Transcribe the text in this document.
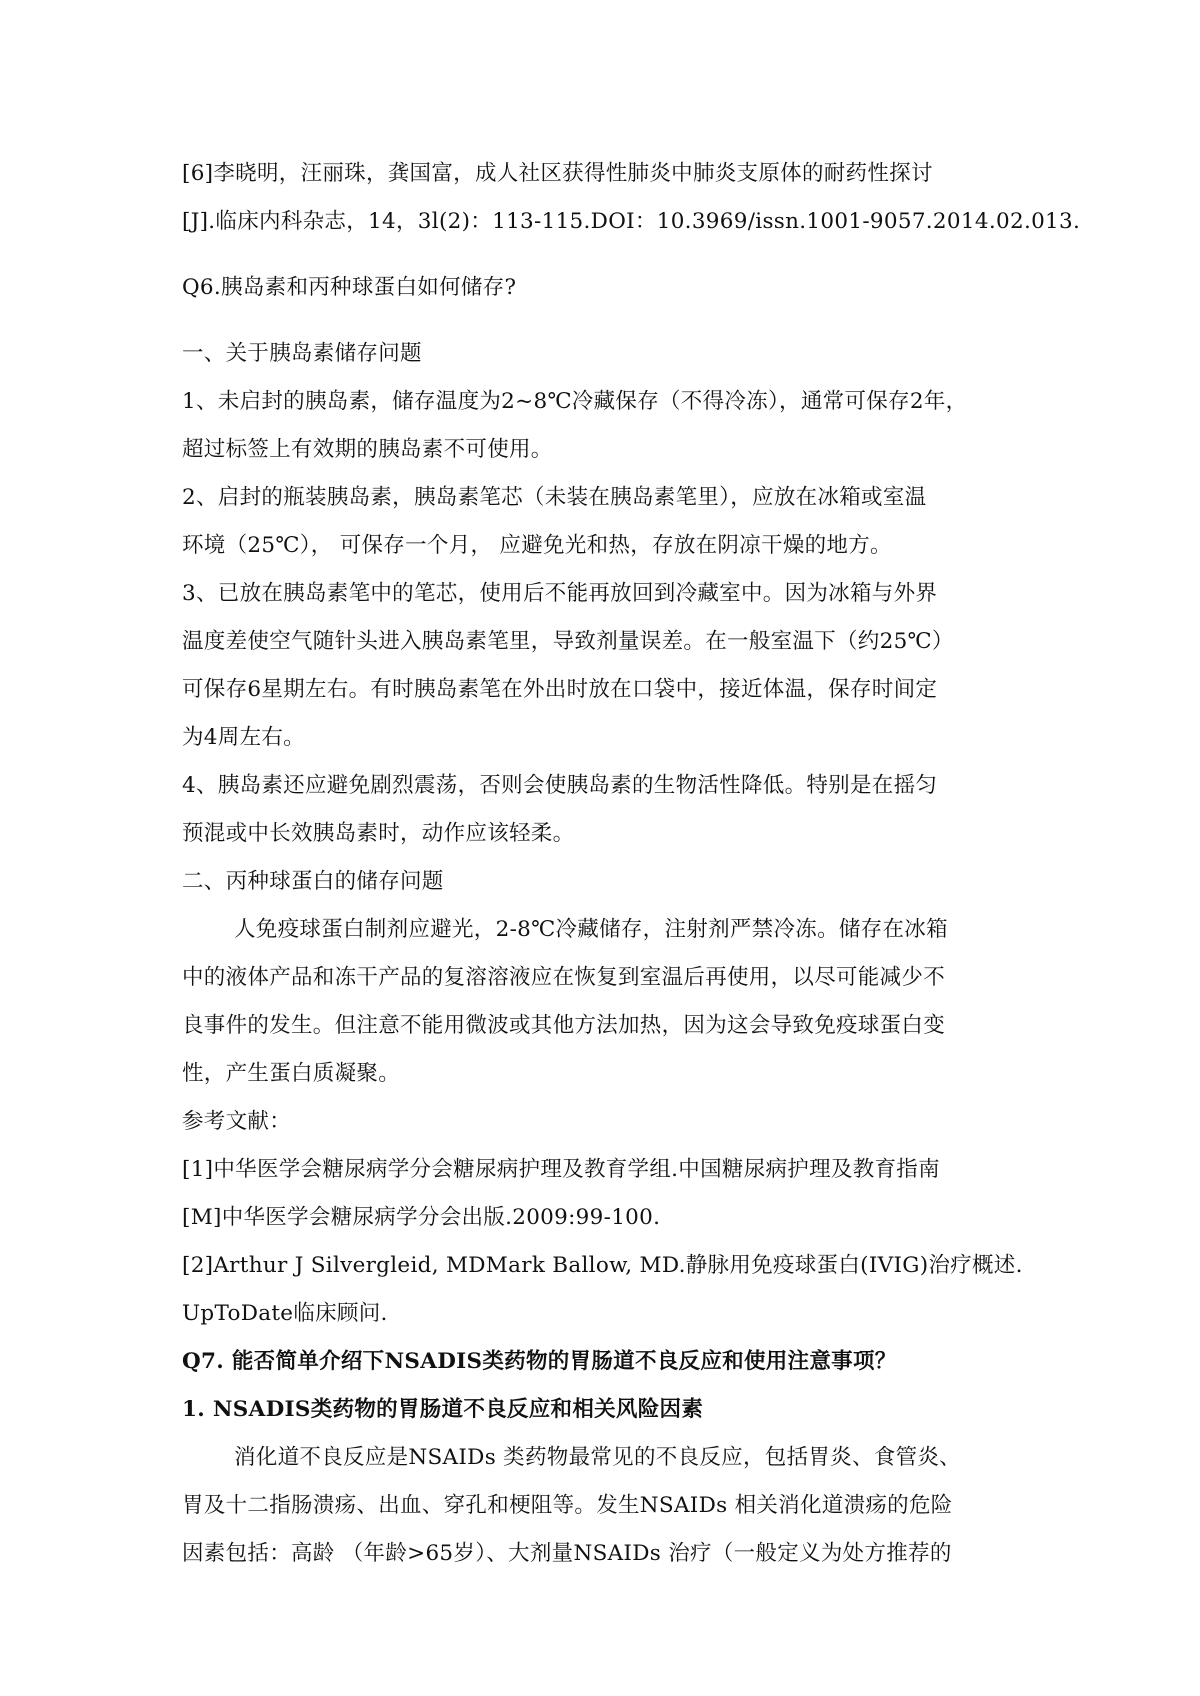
[6]李晓明，汪丽珠，龚国富，成人社区获得性肺炎中肺炎支原体的耐药性探讨
[J].临床内科杂志，14，3l(2)：113-115.DOI：10.3969/issn.1001-9057.2014.02.013.
Q6.胰岛素和丙种球蛋白如何储存?
一、关于胰岛素储存问题
1、未启封的胰岛素，储存温度为2~8℃冷藏保存（不得冷冻），通常可保存2年，
超过标签上有效期的胰岛素不可使用。
2、启封的瓶装胰岛素，胰岛素笔芯（未装在胰岛素笔里），应放在冰箱或室温
环境（25℃）， 可保存一个月， 应避免光和热，存放在阴凉干燥的地方。
3、已放在胰岛素笔中的笔芯，使用后不能再放回到冷藏室中。因为冰箱与外界
温度差使空气随针头进入胰岛素笔里，导致剂量误差。在一般室温下（约25℃）
可保存6星期左右。有时胰岛素笔在外出时放在口袋中，接近体温，保存时间定
为4周左右。
4、胰岛素还应避免剧烈震荡，否则会使胰岛素的生物活性降低。特别是在摇匀
预混或中长效胰岛素时，动作应该轻柔。
二、丙种球蛋白的储存问题
人免疫球蛋白制剂应避光，2-8℃冷藏储存，注射剂严禁冷冻。储存在冰箱
中的液体产品和冻干产品的复溶溶液应在恢复到室温后再使用，以尽可能减少不
良事件的发生。但注意不能用微波或其他方法加热，因为这会导致免疫球蛋白变
性，产生蛋白质凝聚。
参考文献：
[1]中华医学会糖尿病学分会糖尿病护理及教育学组.中国糖尿病护理及教育指南
[M]中华医学会糖尿病学分会出版.2009:99-100.
[2]Arthur J Silvergleid, MDMark Ballow, MD.静脉用免疫球蛋白(IVIG)治疗概述.
UpToDate临床顾问.
Q7. 能否简单介绍下NSADIS类药物的胃肠道不良反应和使用注意事项？
1. NSADIS类药物的胃肠道不良反应和相关风险因素
消化道不良反应是NSAIDs 类药物最常见的不良反应，包括胃炎、食管炎、
胃及十二指肠溃疡、出血、穿孔和梗阻等。发生NSAIDs 相关消化道溃疡的危险
因素包括：高龄 （年龄>65岁）、大剂量NSAIDs 治疗（一般定义为处方推荐的
